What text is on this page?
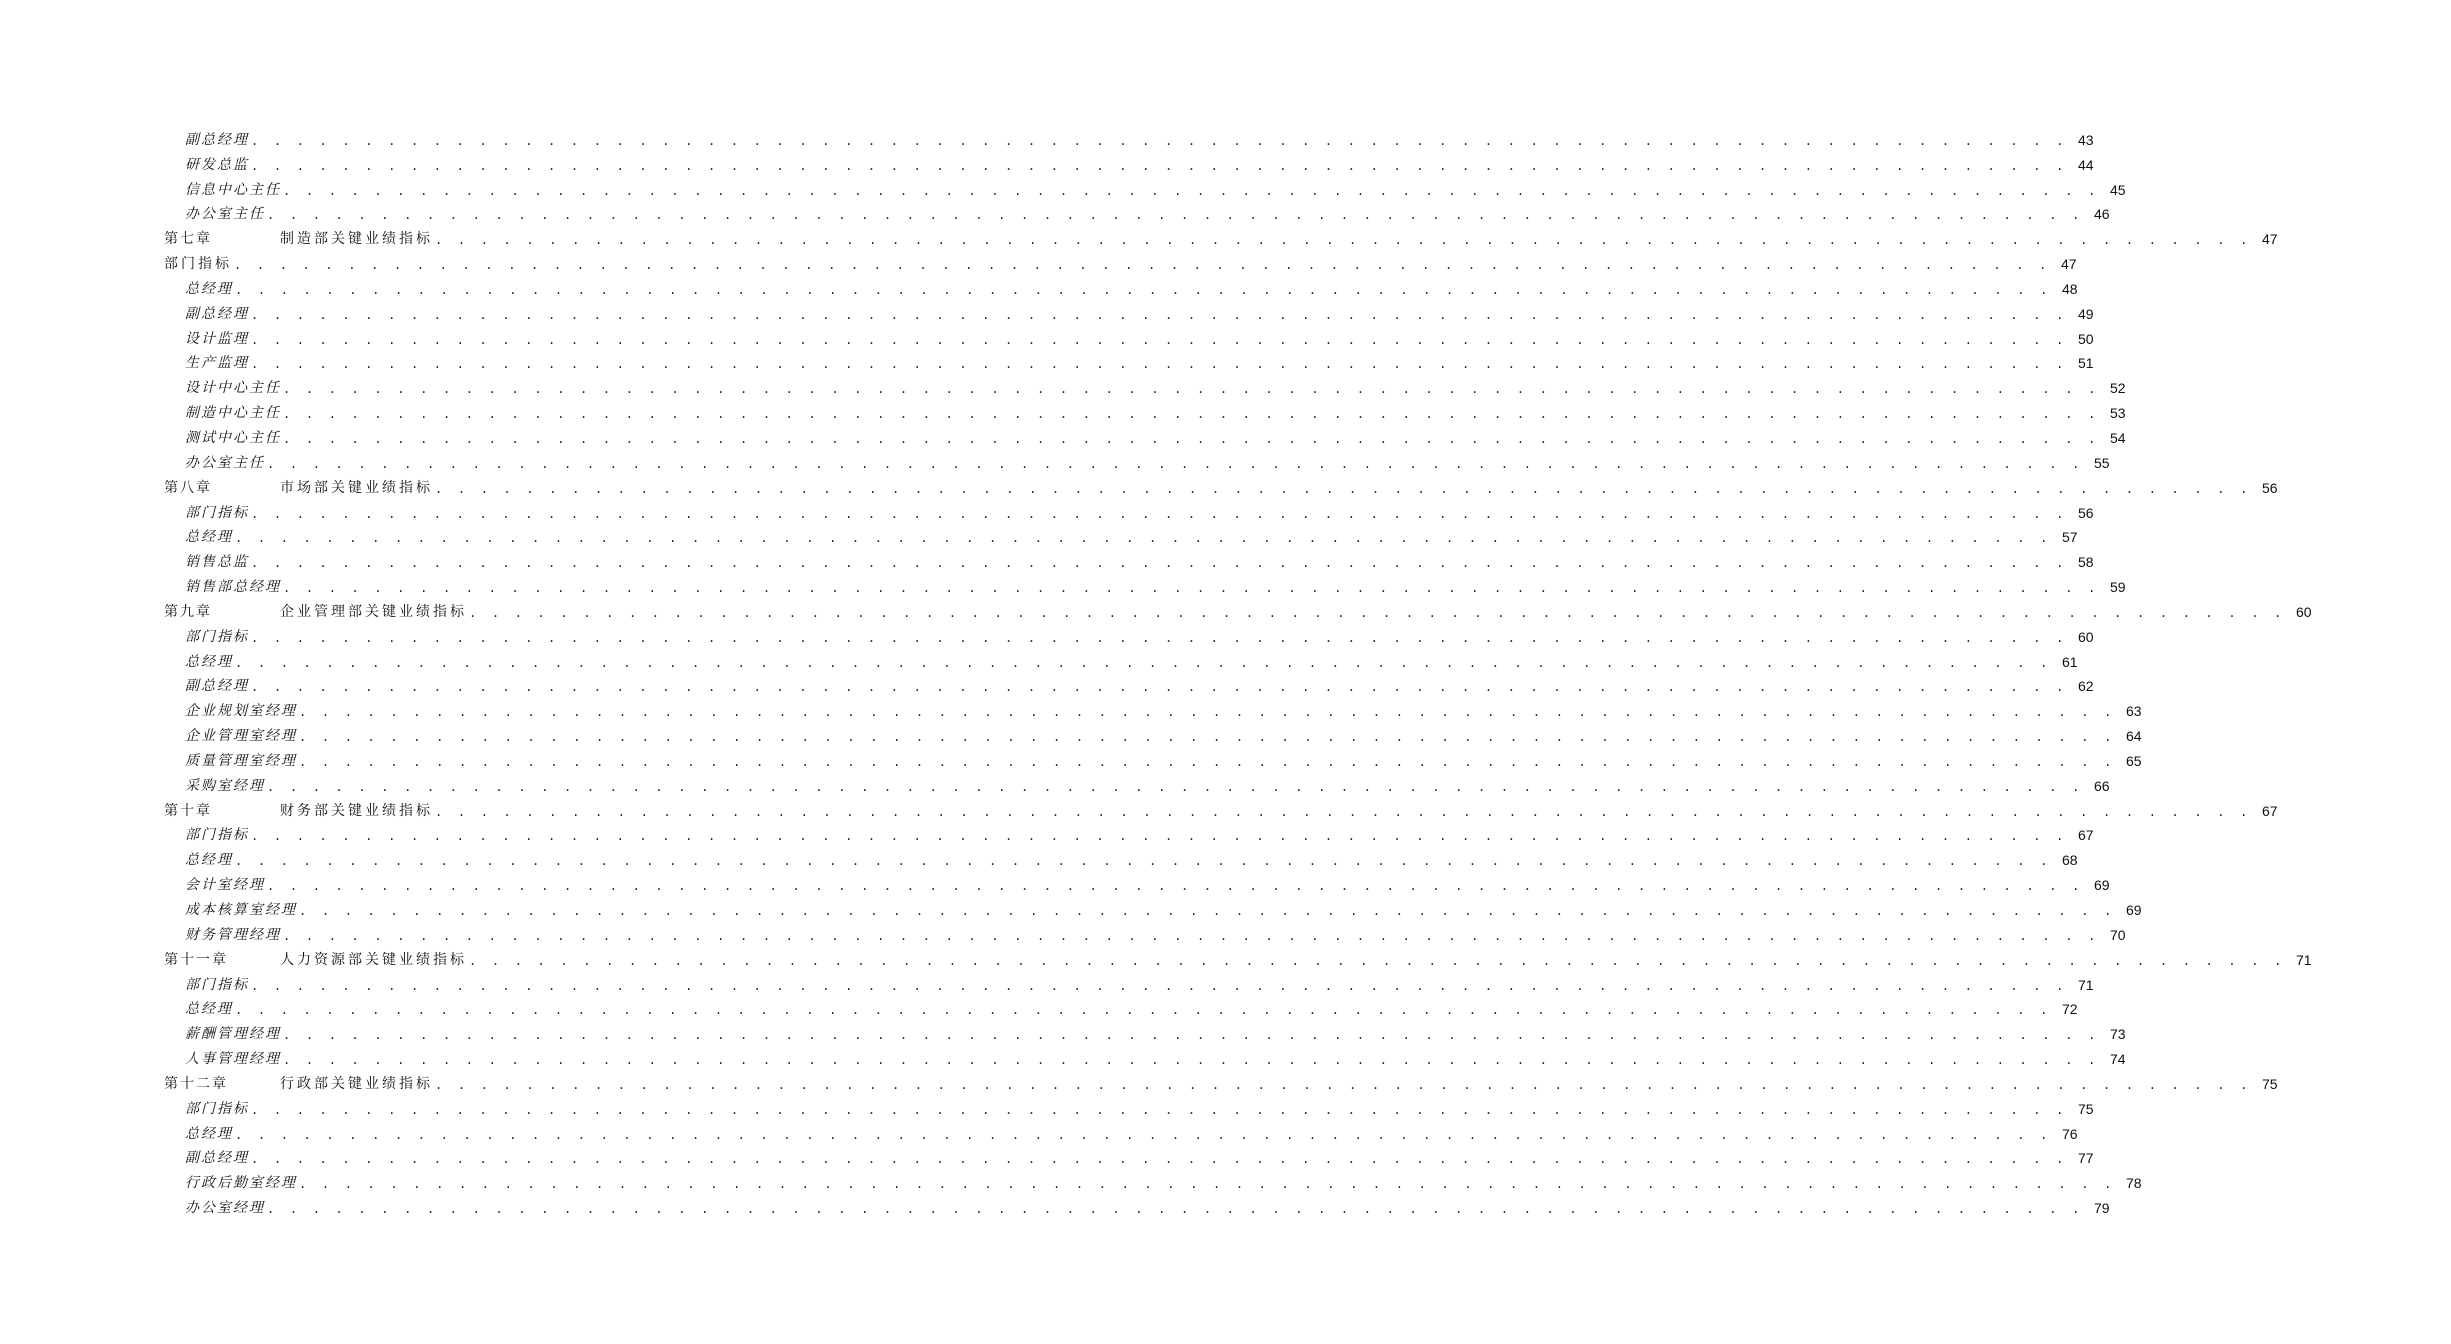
副总经理 . . . . . . . . . . . . . . . . . . . . . . . . . . . . . . . . . . . . . . . . . . . . . . . . . . . . . . . . . . . . . . . . . . . . . . . . . . . . . . . . 43
研发总监 . . . . . . . . . . . . . . . . . . . . . . . . . . . . . . . . . . . . . . . . . . . . . . . . . . . . . . . . . . . . . . . . . . . . . . . . . . . . . . . . 44
信息中心主任 . . . . . . . . . . . . . . . . . . . . . . . . . . . . . . . . . . . . . . . . . . . . . . . . . . . . . . . . . . . . . . . . . . . . . . . . . . . . . . . . 45
办公室主任 . . . . . . . . . . . . . . . . . . . . . . . . . . . . . . . . . . . . . . . . . . . . . . . . . . . . . . . . . . . . . . . . . . . . . . . . . . . . . . . . 46
第七章	制造部关键业绩指标 . . . . . . . . . . . . . . . . . . . . . . . . . . . . . . . . . . . . . . . . . . . . . . . . . . . . . . . . . . . . . . . . . . . . . . . . . . . . . . . . 47
部门指标 . . . . . . . . . . . . . . . . . . . . . . . . . . . . . . . . . . . . . . . . . . . . . . . . . . . . . . . . . . . . . . . . . . . . . . . . . . . . . . . . 47
总经理 . . . . . . . . . . . . . . . . . . . . . . . . . . . . . . . . . . . . . . . . . . . . . . . . . . . . . . . . . . . . . . . . . . . . . . . . . . . . . . . . 48
副总经理 . . . . . . . . . . . . . . . . . . . . . . . . . . . . . . . . . . . . . . . . . . . . . . . . . . . . . . . . . . . . . . . . . . . . . . . . . . . . . . . . 49
设计监理 . . . . . . . . . . . . . . . . . . . . . . . . . . . . . . . . . . . . . . . . . . . . . . . . . . . . . . . . . . . . . . . . . . . . . . . . . . . . . . . . 50
生产监理 . . . . . . . . . . . . . . . . . . . . . . . . . . . . . . . . . . . . . . . . . . . . . . . . . . . . . . . . . . . . . . . . . . . . . . . . . . . . . . . . 51
设计中心主任 . . . . . . . . . . . . . . . . . . . . . . . . . . . . . . . . . . . . . . . . . . . . . . . . . . . . . . . . . . . . . . . . . . . . . . . . . . . . . . . . 52
制造中心主任 . . . . . . . . . . . . . . . . . . . . . . . . . . . . . . . . . . . . . . . . . . . . . . . . . . . . . . . . . . . . . . . . . . . . . . . . . . . . . . . . 53
测试中心主任 . . . . . . . . . . . . . . . . . . . . . . . . . . . . . . . . . . . . . . . . . . . . . . . . . . . . . . . . . . . . . . . . . . . . . . . . . . . . . . . . 54
办公室主任 . . . . . . . . . . . . . . . . . . . . . . . . . . . . . . . . . . . . . . . . . . . . . . . . . . . . . . . . . . . . . . . . . . . . . . . . . . . . . . . . 55
第八章	市场部关键业绩指标 . . . . . . . . . . . . . . . . . . . . . . . . . . . . . . . . . . . . . . . . . . . . . . . . . . . . . . . . . . . . . . . . . . . . . . . . . . . . . . . . 56
部门指标 . . . . . . . . . . . . . . . . . . . . . . . . . . . . . . . . . . . . . . . . . . . . . . . . . . . . . . . . . . . . . . . . . . . . . . . . . . . . . . . . 56
总经理 . . . . . . . . . . . . . . . . . . . . . . . . . . . . . . . . . . . . . . . . . . . . . . . . . . . . . . . . . . . . . . . . . . . . . . . . . . . . . . . . 57
销售总监 . . . . . . . . . . . . . . . . . . . . . . . . . . . . . . . . . . . . . . . . . . . . . . . . . . . . . . . . . . . . . . . . . . . . . . . . . . . . . . . . 58
销售部总经理 . . . . . . . . . . . . . . . . . . . . . . . . . . . . . . . . . . . . . . . . . . . . . . . . . . . . . . . . . . . . . . . . . . . . . . . . . . . . . . . . 59
第九章	企业管理部关键业绩指标 . . . . . . . . . . . . . . . . . . . . . . . . . . . . . . . . . . . . . . . . . . . . . . . . . . . . . . . . . . . . . . . . . . . . . . . . . . . . . . . . 60
部门指标 . . . . . . . . . . . . . . . . . . . . . . . . . . . . . . . . . . . . . . . . . . . . . . . . . . . . . . . . . . . . . . . . . . . . . . . . . . . . . . . . 60
总经理 . . . . . . . . . . . . . . . . . . . . . . . . . . . . . . . . . . . . . . . . . . . . . . . . . . . . . . . . . . . . . . . . . . . . . . . . . . . . . . . . 61
副总经理 . . . . . . . . . . . . . . . . . . . . . . . . . . . . . . . . . . . . . . . . . . . . . . . . . . . . . . . . . . . . . . . . . . . . . . . . . . . . . . . . 62
企业规划室经理 . . . . . . . . . . . . . . . . . . . . . . . . . . . . . . . . . . . . . . . . . . . . . . . . . . . . . . . . . . . . . . . . . . . . . . . . . . . . . . . . 63
企业管理室经理 . . . . . . . . . . . . . . . . . . . . . . . . . . . . . . . . . . . . . . . . . . . . . . . . . . . . . . . . . . . . . . . . . . . . . . . . . . . . . . . . 64
质量管理室经理 . . . . . . . . . . . . . . . . . . . . . . . . . . . . . . . . . . . . . . . . . . . . . . . . . . . . . . . . . . . . . . . . . . . . . . . . . . . . . . . . 65
采购室经理 . . . . . . . . . . . . . . . . . . . . . . . . . . . . . . . . . . . . . . . . . . . . . . . . . . . . . . . . . . . . . . . . . . . . . . . . . . . . . . . . 66
第十章	财务部关键业绩指标 . . . . . . . . . . . . . . . . . . . . . . . . . . . . . . . . . . . . . . . . . . . . . . . . . . . . . . . . . . . . . . . . . . . . . . . . . . . . . . . . 67
部门指标 . . . . . . . . . . . . . . . . . . . . . . . . . . . . . . . . . . . . . . . . . . . . . . . . . . . . . . . . . . . . . . . . . . . . . . . . . . . . . . . . 67
总经理 . . . . . . . . . . . . . . . . . . . . . . . . . . . . . . . . . . . . . . . . . . . . . . . . . . . . . . . . . . . . . . . . . . . . . . . . . . . . . . . . 68
会计室经理 . . . . . . . . . . . . . . . . . . . . . . . . . . . . . . . . . . . . . . . . . . . . . . . . . . . . . . . . . . . . . . . . . . . . . . . . . . . . . . . . 69
成本核算室经理 . . . . . . . . . . . . . . . . . . . . . . . . . . . . . . . . . . . . . . . . . . . . . . . . . . . . . . . . . . . . . . . . . . . . . . . . . . . . . . . . 69
财务管理经理 . . . . . . . . . . . . . . . . . . . . . . . . . . . . . . . . . . . . . . . . . . . . . . . . . . . . . . . . . . . . . . . . . . . . . . . . . . . . . . . . 70
第十一章	人力资源部关键业绩指标 . . . . . . . . . . . . . . . . . . . . . . . . . . . . . . . . . . . . . . . . . . . . . . . . . . . . . . . . . . . . . . . . . . . . . . . . . . . . . . . . 71
部门指标 . . . . . . . . . . . . . . . . . . . . . . . . . . . . . . . . . . . . . . . . . . . . . . . . . . . . . . . . . . . . . . . . . . . . . . . . . . . . . . . . 71
总经理 . . . . . . . . . . . . . . . . . . . . . . . . . . . . . . . . . . . . . . . . . . . . . . . . . . . . . . . . . . . . . . . . . . . . . . . . . . . . . . . . 72
薪酬管理经理 . . . . . . . . . . . . . . . . . . . . . . . . . . . . . . . . . . . . . . . . . . . . . . . . . . . . . . . . . . . . . . . . . . . . . . . . . . . . . . . . 73
人事管理经理 . . . . . . . . . . . . . . . . . . . . . . . . . . . . . . . . . . . . . . . . . . . . . . . . . . . . . . . . . . . . . . . . . . . . . . . . . . . . . . . . 74
第十二章	行政部关键业绩指标 . . . . . . . . . . . . . . . . . . . . . . . . . . . . . . . . . . . . . . . . . . . . . . . . . . . . . . . . . . . . . . . . . . . . . . . . . . . . . . . . 75
部门指标 . . . . . . . . . . . . . . . . . . . . . . . . . . . . . . . . . . . . . . . . . . . . . . . . . . . . . . . . . . . . . . . . . . . . . . . . . . . . . . . . 75
总经理 . . . . . . . . . . . . . . . . . . . . . . . . . . . . . . . . . . . . . . . . . . . . . . . . . . . . . . . . . . . . . . . . . . . . . . . . . . . . . . . . 76
副总经理 . . . . . . . . . . . . . . . . . . . . . . . . . . . . . . . . . . . . . . . . . . . . . . . . . . . . . . . . . . . . . . . . . . . . . . . . . . . . . . . . 77
行政后勤室经理 . . . . . . . . . . . . . . . . . . . . . . . . . . . . . . . . . . . . . . . . . . . . . . . . . . . . . . . . . . . . . . . . . . . . . . . . . . . . . . . . 78
办公室经理 . . . . . . . . . . . . . . . . . . . . . . . . . . . . . . . . . . . . . . . . . . . . . . . . . . . . . . . . . . . . . . . . . . . . . . . . . . . . . . . . 79
